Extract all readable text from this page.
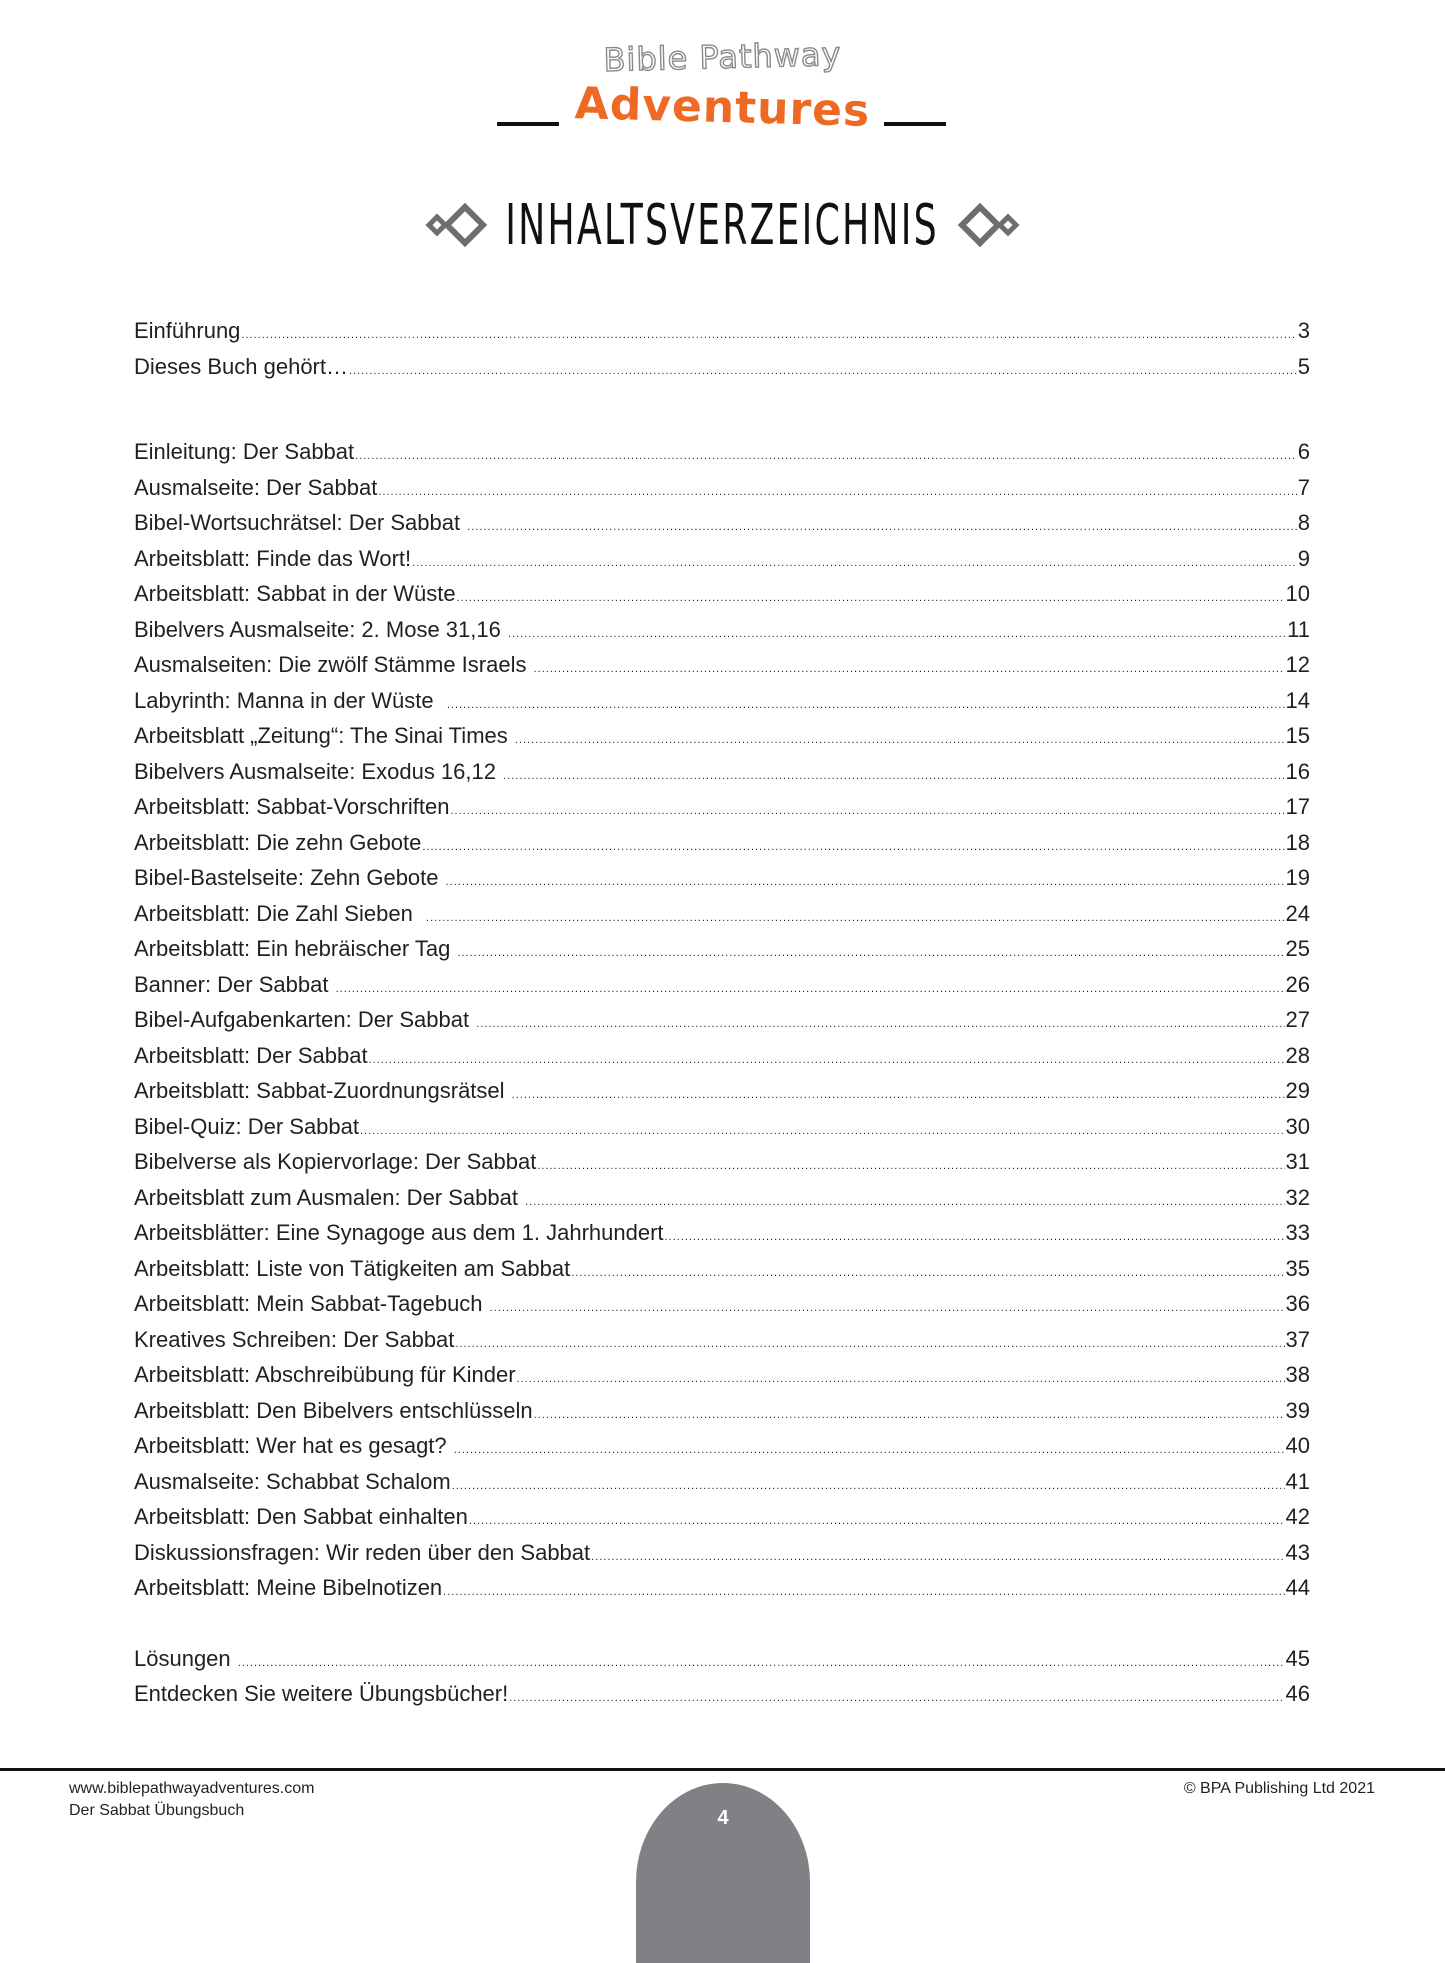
Bible Pathway
Adventures
INHALTSVERZEICHNIS
Einführung .....	3
Dieses Buch gehört… .....	5
Einleitung: Der Sabbat .....	6
Ausmalseite: Der Sabbat .....	7
Bibel-Wortsuchrätsel: Der Sabbat .....	8
Arbeitsblatt: Finde das Wort! .....	9
Arbeitsblatt: Sabbat in der Wüste .....	10
Bibelvers Ausmalseite: 2. Mose 31,16 .....	11
Ausmalseiten: Die zwölf Stämme Israels .....	12
Labyrinth: Manna in der Wüste .....	14
Arbeitsblatt „Zeitung“: The Sinai Times .....	15
Bibelvers Ausmalseite: Exodus 16,12 .....	16
Arbeitsblatt: Sabbat-Vorschriften .....	17
Arbeitsblatt: Die zehn Gebote .....	18
Bibel-Bastelseite: Zehn Gebote .....	19
Arbeitsblatt: Die Zahl Sieben .....	24
Arbeitsblatt: Ein hebräischer Tag .....	25
Banner: Der Sabbat .....	26
Bibel-Aufgabenkarten: Der Sabbat .....	27
Arbeitsblatt: Der Sabbat .....	28
Arbeitsblatt: Sabbat-Zuordnungsrätsel .....	29
Bibel-Quiz: Der Sabbat .....	30
Bibelverse als Kopiervorlage: Der Sabbat .....	31
Arbeitsblatt zum Ausmalen: Der Sabbat .....	32
Arbeitsblätter: Eine Synagoge aus dem 1. Jahrhundert .....	33
Arbeitsblatt: Liste von Tätigkeiten am Sabbat .....	35
Arbeitsblatt: Mein Sabbat-Tagebuch .....	36
Kreatives Schreiben: Der Sabbat .....	37
Arbeitsblatt: Abschreibübung für Kinder .....	38
Arbeitsblatt: Den Bibelvers entschlüsseln .....	39
Arbeitsblatt: Wer hat es gesagt? .....	40
Ausmalseite: Schabbat Schalom .....	41
Arbeitsblatt: Den Sabbat einhalten .....	42
Diskussionsfragen: Wir reden über den Sabbat .....	43
Arbeitsblatt: Meine Bibelnotizen .....	44
Lösungen .....	45
Entdecken Sie weitere Übungsbücher! .....	46
www.biblepathwayadventures.com
Der Sabbat Übungsbuch	4
© BPA Publishing Ltd 2021
